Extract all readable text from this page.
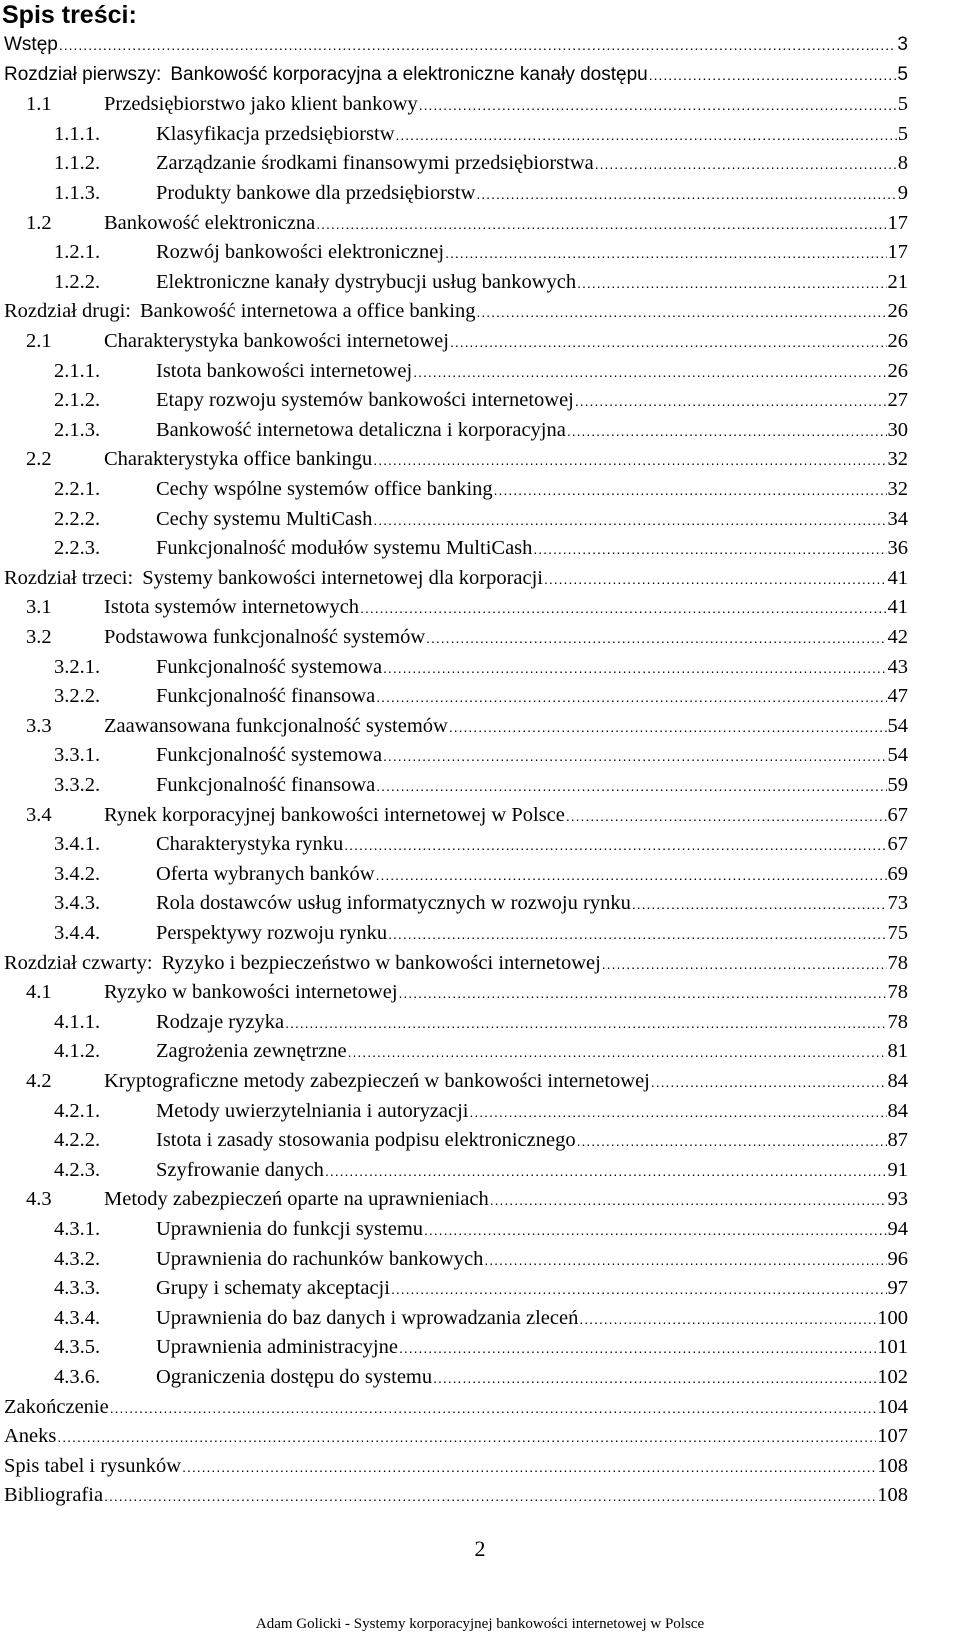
Spis treści:
Wstęp .....	3
Rozdział pierwszy: Bankowość korporacyjna a elektroniczne kanały dostępu .....	5
1.1	Przedsiębiorstwo jako klient bankowy .....	5
1.1.1.	Klasyfikacja przedsiębiorstw .....	5
1.1.2.	Zarządzanie środkami finansowymi przedsiębiorstwa .....	8
1.1.3.	Produkty bankowe dla przedsiębiorstw .....	9
1.2	Bankowość elektroniczna .....	17
1.2.1.	Rozwój bankowości elektronicznej .....	17
1.2.2.	Elektroniczne kanały dystrybucji usług bankowych .....	21
Rozdział drugi: Bankowość internetowa a office banking .....	26
2.1	Charakterystyka bankowości internetowej .....	26
2.1.1.	Istota bankowości internetowej .....	26
2.1.2.	Etapy rozwoju systemów bankowości internetowej .....	27
2.1.3.	Bankowość internetowa detaliczna i korporacyjna .....	30
2.2	Charakterystyka office bankingu .....	32
2.2.1.	Cechy wspólne systemów office banking .....	32
2.2.2.	Cechy systemu MultiCash .....	34
2.2.3.	Funkcjonalność modułów systemu MultiCash .....	36
Rozdział trzeci: Systemy bankowości internetowej dla korporacji .....	41
3.1	Istota systemów internetowych .....	41
3.2	Podstawowa funkcjonalność systemów .....	42
3.2.1.	Funkcjonalność systemowa .....	43
3.2.2.	Funkcjonalność finansowa .....	47
3.3	Zaawansowana funkcjonalność systemów .....	54
3.3.1.	Funkcjonalność systemowa .....	54
3.3.2.	Funkcjonalność finansowa .....	59
3.4	Rynek korporacyjnej bankowości internetowej w Polsce .....	67
3.4.1.	Charakterystyka rynku .....	67
3.4.2.	Oferta wybranych banków .....	69
3.4.3.	Rola dostawców usług informatycznych w rozwoju rynku .....	73
3.4.4.	Perspektywy rozwoju rynku .....	75
Rozdział czwarty: Ryzyko i bezpieczeństwo w bankowości internetowej .....	78
4.1	Ryzyko w bankowości internetowej .....	78
4.1.1.	Rodzaje ryzyka .....	78
4.1.2.	Zagrożenia zewnętrzne .....	81
4.2	Kryptograficzne metody zabezpieczeń w bankowości internetowej .....	84
4.2.1.	Metody uwierzytelniania i autoryzacji .....	84
4.2.2.	Istota i zasady stosowania podpisu elektronicznego .....	87
4.2.3.	Szyfrowanie danych .....	91
4.3	Metody zabezpieczeń oparte na uprawnieniach .....	93
4.3.1.	Uprawnienia do funkcji systemu .....	94
4.3.2.	Uprawnienia do rachunków bankowych .....	96
4.3.3.	Grupy i schematy akceptacji .....	97
4.3.4.	Uprawnienia do baz danych i wprowadzania zleceń .....	100
4.3.5.	Uprawnienia administracyjne .....	101
4.3.6.	Ograniczenia dostępu do systemu .....	102
Zakończenie .....	104
Aneks .....	107
Spis tabel i rysunków .....	108
Bibliografia .....	108
2
Adam Golicki - Systemy korporacyjnej bankowości internetowej w Polsce
